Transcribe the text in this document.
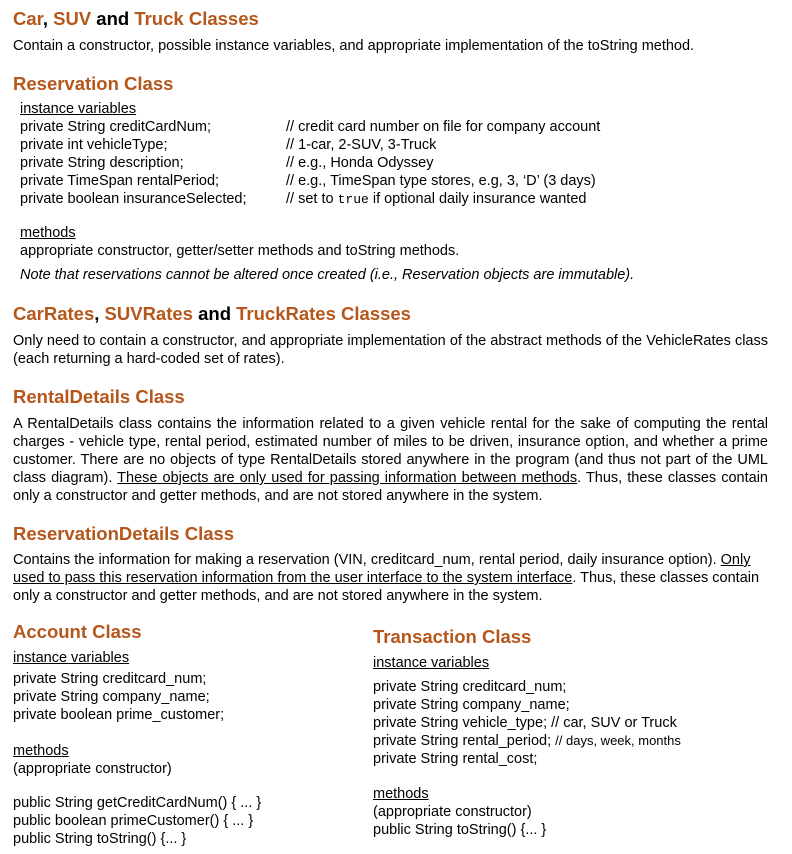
Car, SUV and Truck Classes
Contain a constructor, possible instance variables, and appropriate implementation of the toString method.
Reservation Class
instance variables
private String creditCardNum;	// credit card number on file for company account
private int vehicleType;	// 1-car, 2-SUV, 3-Truck
private String description;	// e.g., Honda Odyssey
private TimeSpan rentalPeriod;	// e.g., TimeSpan type stores, e.g, 3, ‘D’ (3 days)
private boolean insuranceSelected;	// set to true if optional daily insurance wanted
methods
appropriate constructor, getter/setter methods and toString methods.
Note that reservations cannot be altered once created (i.e., Reservation objects are immutable).
CarRates, SUVRates and TruckRates Classes
Only need to contain a constructor, and appropriate implementation of the abstract methods of the VehicleRates class (each returning a hard-coded set of rates).
RentalDetails Class
A RentalDetails class contains the information related to a given vehicle rental for the sake of computing the rental charges - vehicle type, rental period, estimated number of miles to be driven, insurance option, and whether a prime customer. There are no objects of type RentalDetails stored anywhere in the program (and thus not part of the UML class diagram). These objects are only used for passing information between methods. Thus, these classes contain only a constructor and getter methods, and are not stored anywhere in the system.
ReservationDetails Class
Contains the information for making a reservation (VIN, creditcard_num, rental period, daily insurance option). Only used to pass this reservation information from the user interface to the system interface. Thus, these classes contain only a constructor and getter methods, and are not stored anywhere in the system.
Account Class
instance variables
private String creditcard_num;
private String company_name;
private boolean prime_customer;
methods
(appropriate constructor)
public String getCreditCardNum() { ... }
public boolean primeCustomer() { ... }
public String toString() {... }
Transaction Class
instance variables
private String creditcard_num;
private String company_name;
private String vehicle_type; // car, SUV or Truck
private String rental_period; // days, week, months
private String rental_cost;
methods
(appropriate constructor)
public String toString() {... }
